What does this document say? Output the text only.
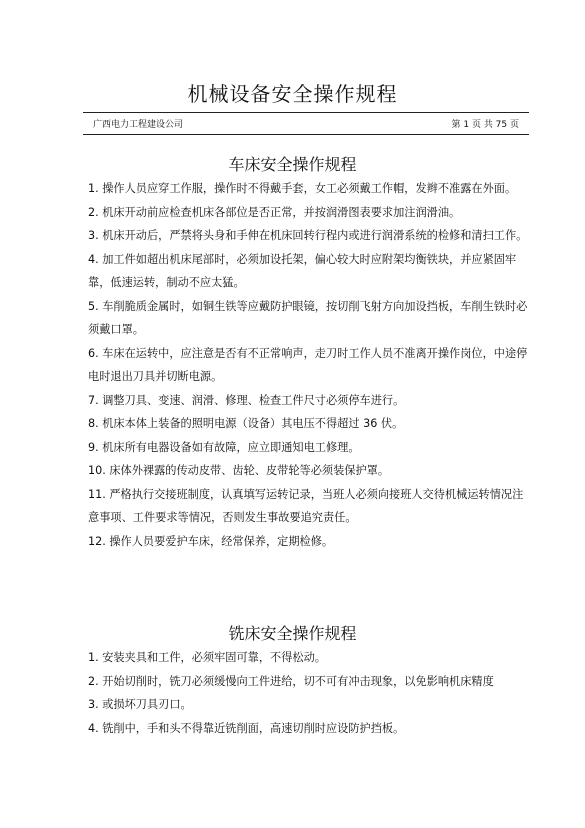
机械设备安全操作规程
广西电力工程建设公司	第 1 页 共 75 页
车床安全操作规程
1. 操作人员应穿工作服，操作时不得戴手套，女工必须戴工作帽，发辫不准露在外面。
2. 机床开动前应检查机床各部位是否正常，并按润滑图表要求加注润滑油。
3. 机床开动后，严禁将头身和手伸在机床回转行程内或进行润滑系统的检修和清扫工作。
4. 加工件如超出机床尾部时，必须加设托架，偏心较大时应附架均衡铁块，并应紧固牢靠，低速运转，制动不应太猛。
5. 车削脆质金属时，如铜生铁等应戴防护眼镜，按切削飞射方向加设挡板，车削生铁时必须戴口罩。
6. 车床在运转中，应注意是否有不正常响声，走刀时工作人员不准离开操作岗位，中途停电时退出刀具并切断电源。
7. 调整刀具、变速、润滑、修理、检查工件尺寸必须停车进行。
8. 机床本体上装备的照明电源（设备）其电压不得超过 36 伏。
9. 机床所有电器设备如有故障，应立即通知电工修理。
10. 床体外裸露的传动皮带、齿轮、皮带轮等必须装保护罩。
11. 严格执行交接班制度，认真填写运转记录，当班人必须向接班人交待机械运转情况注意事项、工件要求等情况，否则发生事故要追究责任。
12. 操作人员要爱护车床，经常保养，定期检修。
铣床安全操作规程
1. 安装夹具和工件，必须牢固可靠，不得松动。
2. 开始切削时，铣刀必须缓慢向工件进给，切不可有冲击现象，以免影响机床精度
3. 或损坏刀具刃口。
4. 铣削中，手和头不得靠近铣削面，高速切削时应设防护挡板。
